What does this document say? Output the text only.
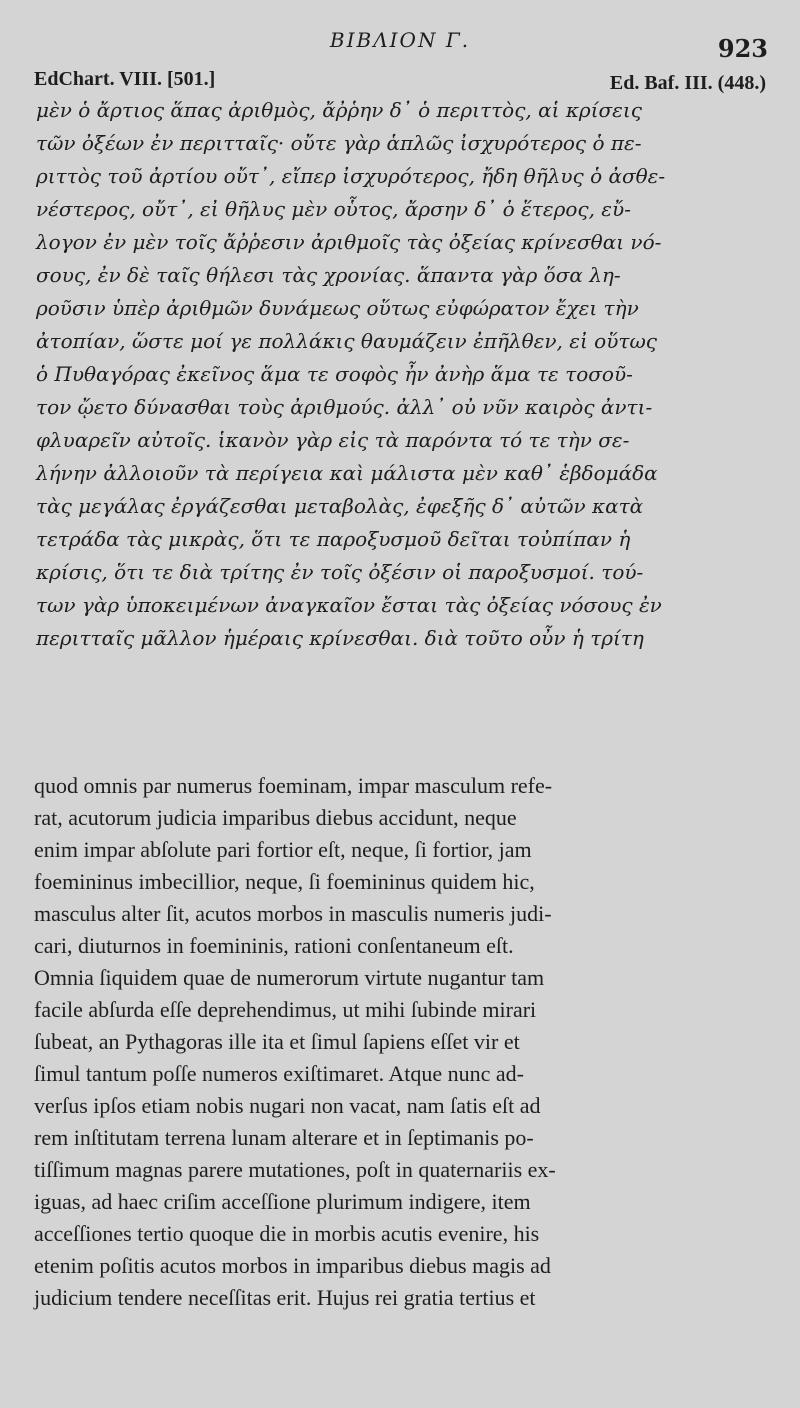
BIBΛΙΟΝ Γ.	923
EdChart. VIII. [501.]	Ed. Baf. III. (448.)
μὲν ὁ ἄρτιος ἅπας ἀριθμὸς, ἄῤῥην δ᾽ ὁ περιττὸς, αἱ κρίσεις
τῶν ὀξέων ἐν περιτταῖς· οὔτε γὰρ ἁπλῶς ἰσχυρότερος ὁ πε-
ριττὸς τοῦ ἀρτίου οὔτ᾽, εἴπερ ἰσχυρότερος, ἤδη θῆλυς ὁ ἀσθε-
νέστερος, οὔτ᾽, εἰ θῆλυς μὲν οὗτος, ἄρσην δ᾽ ὁ ἕτερος, εὔ-
λογον ἐν μὲν τοῖς ἄῤῥεσιν ἀριθμοῖς τὰς ὀξείας κρίνεσθαι νό-
σους, ἐν δὲ ταῖς θήλεσι τὰς χρονίας. ἅπαντα γὰρ ὅσα λη-
ροῦσιν ὑπὲρ ἀριθμῶν δυνάμεως οὕτως εὐφώρατον ἔχει τὴν
ἀτοπίαν, ὥστε μοί γε πολλάκις θαυμάζειν ἐπῆλθεν, εἰ οὕτως
ὁ Πυθαγόρας ἐκεῖνος ἅμα τε σοφὸς ἦν ἀνὴρ ἅμα τε τοσοῦ-
τον ᾤετο δύνασθαι τοὺς ἀριθμούς. ἀλλ᾽ οὐ νῦν καιρὸς ἀντι-
φλυαρεῖν αὐτοῖς. ἱκανὸν γὰρ εἰς τὰ παρόντα τό τε τὴν σε-
λήνην ἀλλοιοῦν τὰ περίγεια καὶ μάλιστα μὲν καθ᾽ ἑβδομάδα
τὰς μεγάλας ἐργάζεσθαι μεταβολὰς, ἐφεξῆς δ᾽ αὐτῶν κατὰ
τετράδα τὰς μικρὰς, ὅτι τε παροξυσμοῦ δεῖται τοὐπίπαν ἡ
κρίσις, ὅτι τε διὰ τρίτης ἐν τοῖς ὀξέσιν οἱ παροξυσμοί. τού-
των γὰρ ὑποκειμένων ἀναγκαῖον ἔσται τὰς ὀξείας νόσους ἐν
περιτταῖς μᾶλλον ἡμέραις κρίνεσθαι. διὰ τοῦτο οὖν ἡ τρίτη
quod omnis par numerus foeminam, impar masculum refe-
rat, acutorum judicia imparibus diebus accidunt, neque
enim impar abſolute pari fortior eſt, neque, ſi fortior, jam
foemininus imbecillior, neque, ſi foemininus quidem hic,
masculus alter ſit, acutos morbos in masculis numeris judi-
cari, diuturnos in foemininis, rationi conſentaneum eſt.
Omnia ſiquidem quae de numerorum virtute nugantur tam
facile abſurda eſſe deprehendimus, ut mihi ſubinde mirari
ſubeat, an Pythagoras ille ita et ſimul ſapiens eſſet vir et
ſimul tantum poſſe numeros exiſtimaret. Atque nunc ad-
verſus ipſos etiam nobis nugari non vacat, nam ſatis eſt ad
rem inſtitutam terrena lunam alterare et in ſeptimanis po-
tiſſimum magnas parere mutationes, poſt in quaternariis ex-
iguas, ad haec criſim acceſſione plurimum indigere, item
acceſſiones tertio quoque die in morbis acutis evenire, his
etenim poſitis acutos morbos in imparibus diebus magis ad
judicium tendere neceſſitas erit. Hujus rei gratia tertius et
